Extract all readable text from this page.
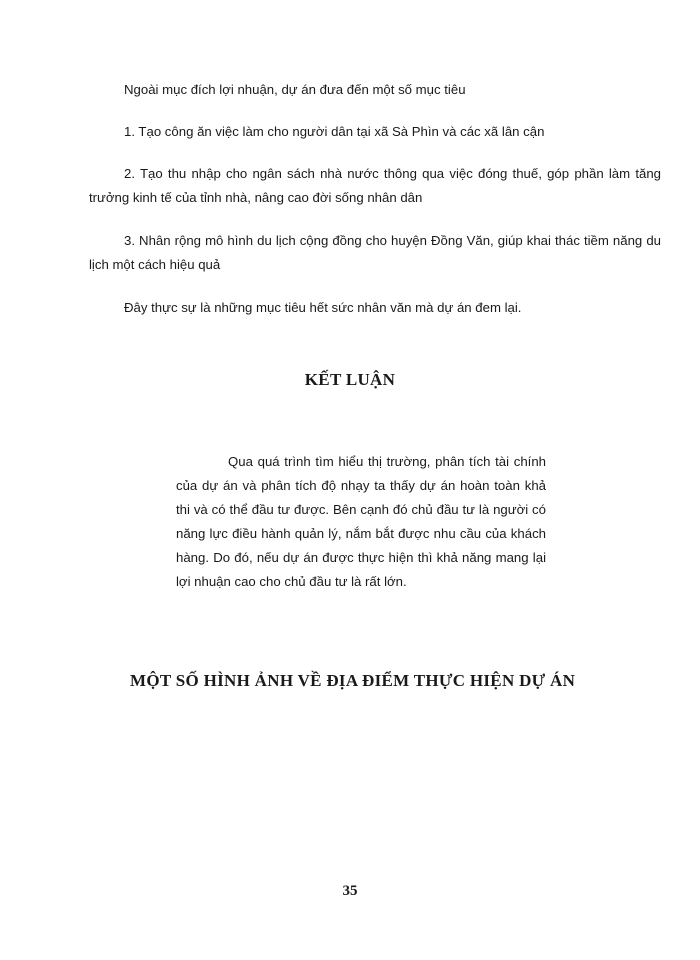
Ngoài mục đích lợi nhuận, dự án đưa đến một số mục tiêu

1. Tạo công ăn việc làm cho người dân tại xã Sà Phìn và các xã lân cận

2. Tạo thu nhập cho ngân sách nhà nước thông qua việc đóng thuế, góp phần làm tăng trưởng kinh tế của tỉnh nhà, nâng cao đời sống nhân dân

3. Nhân rộng mô hình du lịch cộng đồng cho huyện Đồng Văn, giúp khai thác tiềm năng du lịch một cách hiệu quả

Đây thực sự là những mục tiêu hết sức nhân văn mà dự án đem lại.

KẾT LUẬN

Qua quá trình tìm hiểu thị trường, phân tích tài chính của dự án và phân tích độ nhạy ta thấy dự án hoàn toàn khả thi và có thể đầu tư được. Bên cạnh đó chủ đầu tư là người có năng lực điều hành quản lý, nắm bắt được nhu cầu của khách hàng. Do đó, nếu dự án được thực hiện thì khả năng mang lại lợi nhuận cao cho chủ đầu tư là rất lớn.

MỘT SỐ HÌNH ẢNH VỀ ĐỊA ĐIỂM THỰC HIỆN DỰ ÁN

35
